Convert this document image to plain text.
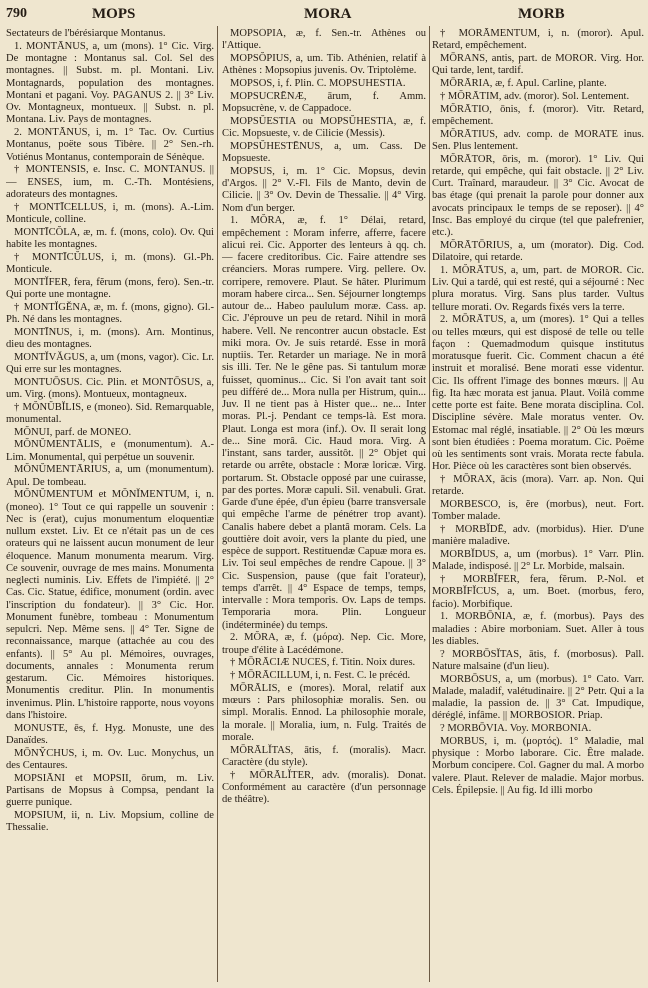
790	MOPS	MORA	MORB

Sectateurs de l'bérésiarque Montanus.

1. MONTĀNUS, a, um (mons). 1° Cic. Virg. De montagne : Montanus sal. Col. Sel des montagnes. || Subst. m. pl. Montani. Liv. Montagnards, population des montagnes. Montani et pagani. Voy. PAGANUS 2. || 3° Liv. Ov. Montagneux, montueux. || Subst. n. pl. Montana. Liv. Pays de montagnes.

2. MONTĀNUS, i, m. 1° Tac. Ov. Curtius Montanus, poëte sous Tibère. || 2° Sen.-rh. Votiénus Montanus, contemporain de Sénèque.

† MONTENSIS, e. Insc. C. MONTANUS. || — ENSES, ium, m. C.-Th. Montésiens, adorateurs des montagnes.

† MONTĪCELLUS, i, m. (mons). A.-Lim. Monticule, colline.

MONTĪCŎLA, æ, m. f. (mons, colo). Ov. Qui habite les montagnes.

† MONTĪCŬLUS, i, m. (mons). Gl.-Ph. Monticule.

MONTĬFER, fera, fĕrum (mons, fero). Sen.-tr. Qui porte une montagne.

† MONTĬGĔNA, æ, m. f. (mons, gigno). Gl.-Ph. Né dans les montagnes.

MONTĪNUS, i, m. (mons). Arn. Montinus, dieu des montagnes.

MONTĬVĂGUS, a, um (mons, vagor). Cic. Lr. Qui erre sur les montagnes.

MONTUŌSUS. Cic. Plin. et MONTŌSUS, a, um. Virg. (mons). Montueux, montagneux.

† MŎNŬBĬLIS, e (moneo). Sid. Remarquable, monumental.

MŎNUI, parf. de MONEO.

MŎNŬMENTĀLIS, e (monumentum). A.-Lim. Monumental, qui perpétue un souvenir.

MŎNŬMENTĀRIUS, a, um (monumentum). Apul. De tombeau.

MŎNŬMENTUM et MŎNĬMENTUM, i, n. (moneo). 1° Tout ce qui rappelle un souvenir : Nec is (erat), cujus monumentum eloquentiæ nullum exstet. Liv. Et ce n'était pas un de ces orateurs qui ne laissent aucun monument de leur éloquence. Manum monumenta mearum. Virg. Ce souvenir, ouvrage de mes mains. Monumenta neglecti numinis. Liv. Effets de l'impiété. || 2° Cas. Cic. Statue, édifice, monument (ordin. avec l'inscription du fondateur). || 3° Cic. Hor. Monument funèbre, tombeau : Monumentum sepulcri. Nep. Même sens. || 4° Ter. Signe de reconnaissance, marque (attachée au cou des enfants). || 5° Au pl. Mémoires, ouvrages, documents, annales : Monumenta rerum gestarum. Cic. Mémoires historiques. Monumentis creditur. Plin. In monumentis invenimus. Plin. L'histoire rapporte, nous voyons dans l'histoire.

MONUSTE, ēs, f. Hyg. Monuste, une des Danaïdes.

MŌNY̆CHUS, i, m. Ov. Luc. Monychus, un des Centaures.

MOPSIĀNI et MOPSII, ōrum, m. Liv. Partisans de Mopsus à Compsa, pendant la guerre punique.

MOPSIUM, ii, n. Liv. Mopsium, colline de Thessalie.

MOPSŎPIA, æ, f. Sen.-tr. Athènes ou l'Attique.

MOPSŎPIUS, a, um. Tib. Athénien, relatif à Athènes : Mopsopius juvenis. Ov. Triptolème.

MOPSOS, i, f. Plin. C. MOPSUHESTIA.

MOPSUCRĒNÆ, ārum, f. Amm. Mopsucrène, v. de Cappadoce.

MOPSŬESTIA ou MOPSŬHESTIA, æ, f. Cic. Mopsueste, v. de Cilicie (Messis).

MOPSŬHESTĒNUS, a, um. Cass. De Mopsueste.

MOPSUS, i, m. 1° Cic. Mopsus, devin d'Argos. || 2° V.-Fl. Fils de Manto, devin de Cilicie. || 3° Ov. Devin de Thessalie. || 4° Virg. Nom d'un berger.

1. MŎRA, æ, f. 1° Délai, retard, empêchement : Moram inferre, afferre, facere alicui rei. Cic. Apporter des lenteurs à qq. ch. — facere creditoribus. Cic. Faire attendre ses créanciers. Moras rumpere. Virg. pellere. Ov. corripere, removere. Plaut. Se hâter. Plurimum moram habere circa... Sen. Séjourner longtemps autour de... Habeo paululum moræ. Cass. ap. Cic. J'éprouve un peu de retard. Nihil in morâ habere. Vell. Ne rencontrer aucun obstacle. Est miki mora. Ov. Je suis retardé. Esse in morâ nuptiis. Ter. Retarder un mariage. Ne in morâ sis illi. Ter. Ne le gêne pas. Si tantulum moræ fuisset, quominus... Cic. Si l'on avait tant soit peu différé de... Mora nulla per Histrum, quin... Juv. Il ne tient pas à Hister que... ne... Inter moras. Pl.-j. Pendant ce temps-là. Est mora. Plaut. Longa est mora (inf.). Ov. Il serait long de... Sine morâ. Cic. Haud mora. Virg. A l'instant, sans tarder, aussitôt. || 2° Objet qui retarde ou arrête, obstacle : Moræ loricæ. Virg. portarum. St. Obstacle opposé par une cuirasse, par des portes. Moræ capuli. Sil. venabuli. Grat. Garde d'une épée, d'un épieu (barre transversale qui empêche l'arme de pénétrer trop avant). Canalis habere debet a plantâ moram. Cels. La gouttière doit avoir, vers la plante du pied, une espèce de support. Restituendæ Capuæ mora es. Liv. Toi seul empêches de rendre Capoue. || 3° Cic. Suspension, pause (que fait l'orateur), temps d'arrêt. || 4° Espace de temps, temps, intervalle : Mora temporis. Ov. Laps de temps. Temporaria mora. Plin. Longueur (indéterminée) du temps.

2. MŎRA, æ, f. (μόρα). Nep. Cic. More, troupe d'élite à Lacédémone.

† MŌRĀCIÆ NUCES, f. Titin. Noix dures.

† MŌRĀCILLUM, i, n. Fest. C. le précéd.

MŌRĀLIS, e (mores). Moral, relatif aux mœurs : Pars philosophiæ moralis. Sen. ou simpl. Moralis. Ennod. La philosophie morale, la morale. || Moralia, ium, n. Fulg. Traités de morale.

MŌRĀLĬTAS, ātis, f. (moralis). Macr. Caractère (du style).

† MŌRĀLĬTER, adv. (moralis). Donat. Conformément au caractère (d'un personnage de théâtre).

† MŎRĀMENTUM, i, n. (moror). Apul. Retard, empêchement.

MŌRANS, antis, part. de MOROR. Virg. Hor. Qui tarde, lent, tardif.

MŌRĀRIA, æ, f. Apul. Carline, plante.

† MŎRĀTIM, adv. (moror). Sol. Lentement.

MŎRĀTIO, ōnis, f. (moror). Vitr. Retard, empêchement.

MŎRĀTIUS, adv. comp. de MORATE inus. Sen. Plus lentement.

MŎRĀTOR, ōris, m. (moror). 1° Liv. Qui retarde, qui empêche, qui fait obstacle. || 2° Liv. Curt. Traînard, maraudeur. || 3° Cic. Avocat de bas étage (qui prenait la parole pour donner aux avocats principaux le temps de se reposer). || 4° Insc. Bas employé du cirque (tel que palefrenier, etc.).

MŎRĀTŌRIUS, a, um (morator). Dig. Cod. Dilatoire, qui retarde.

1. MŎRĀTUS, a, um, part. de MOROR. Cic. Liv. Qui a tardé, qui est resté, qui a séjourné : Nec plura moratus. Virg. Sans plus tarder. Vultus tellure morati. Ov. Regards fixés vers la terre.

2. MŌRĀTUS, a, um (mores). 1° Qui a telles ou telles mœurs, qui est disposé de telle ou telle façon : Quemadmodum quisque institutus moratusque fuerit. Cic. Comment chacun a été instruit et moralisé. Bene morati esse videntur. Cic. Ils offrent l'image des bonnes mœurs. || Au fig. Ita hæc morata est janua. Plaut. Voilà comme cette porte est faite. Bene morata disciplina. Col. Discipline sévère. Male moratus venter. Ov. Estomac mal réglé, insatiable. || 2° Où les mœurs sont bien étudiées : Poema moratum. Cic. Poëme où les sentiments sont vrais. Morata recte fabula. Hor. Pièce où les caractères sont bien observés.

† MŌRAX, ācis (mora). Varr. ap. Non. Qui retarde.

MORBESCO, is, ĕre (morbus), neut. Fort. Tomber malade.

† MORBĬDĒ, adv. (morbidus). Hier. D'une manière maladive.

MORBĬDUS, a, um (morbus). 1° Varr. Plin. Malade, indisposé. || 2° Lr. Morbide, malsain.

† MORBĬFER, fera, fĕrum. P.-Nol. et MORBĬFĬCUS, a, um. Boet. (morbus, fero, facio). Morbifique.

1. MORBŌNIA, æ, f. (morbus). Pays des maladies : Abire morboniam. Suet. Aller à tous les diables.

? MORBŌSĬTAS, ātis, f. (morbosus). Pall. Nature malsaine (d'un lieu).

MORBŌSUS, a, um (morbus). 1° Cato. Varr. Malade, maladif, valétudinaire. || 2° Petr. Qui a la maladie, la passion de. || 3° Cat. Impudique, déréglé, infâme. || MORBOSIOR. Priap.

? MORBŌVIA. Voy. MORBONIA.

MORBUS, i, m. (μορτός). 1° Maladie, mal physique : Morbo laborare. Cic. Être malade. Morbum concipere. Col. Gagner du mal. A morbo valere. Plaut. Relever de maladie. Major morbus. Cels. Épilepsie. || Au fig. Id illi morbo
